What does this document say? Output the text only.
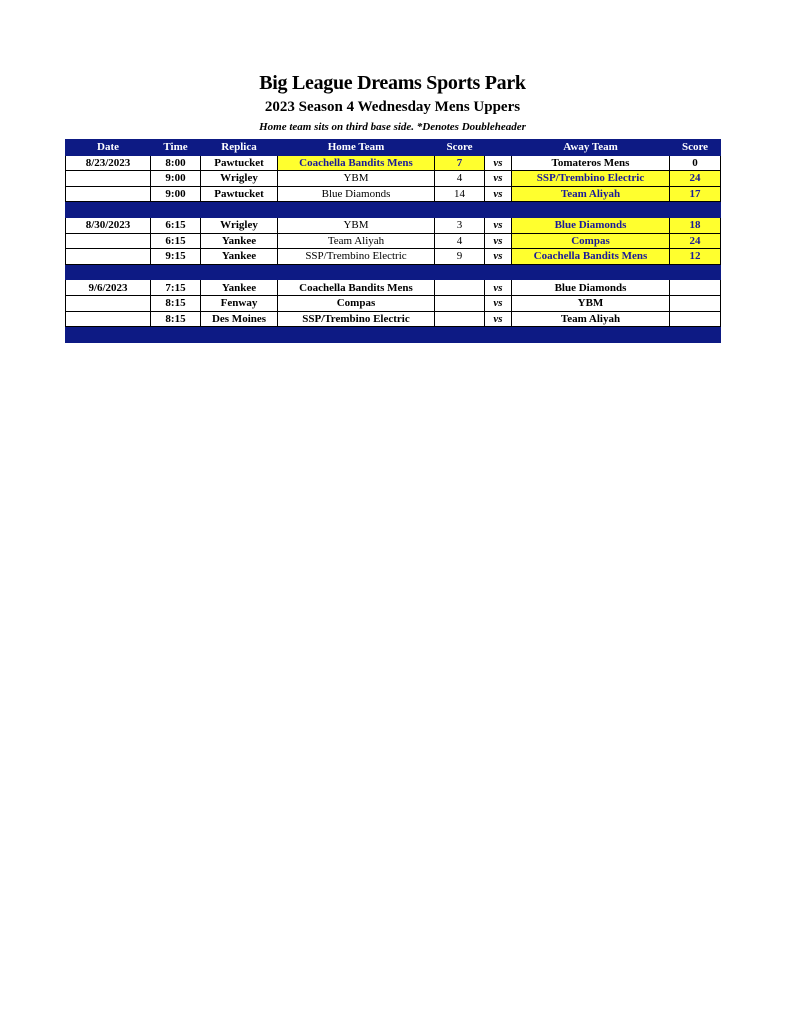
Big League Dreams Sports Park
2023 Season 4 Wednesday Mens Uppers
Home team sits on third base side. *Denotes Doubleheader
Date	Time	Replica	Home Team	Score		Away Team	Score
8/23/2023	8:00	Pawtucket	Coachella Bandits Mens	7	vs	Tomateros Mens	0
	9:00	Wrigley	YBM	4	vs	SSP/Trembino Electric	24
	9:00	Pawtucket	Blue Diamonds	14	vs	Team Aliyah	17

8/30/2023	6:15	Wrigley	YBM	3	vs	Blue Diamonds	18
	6:15	Yankee	Team Aliyah	4	vs	Compas	24
	9:15	Yankee	SSP/Trembino Electric	9	vs	Coachella Bandits Mens	12

9/6/2023	7:15	Yankee	Coachella Bandits Mens		vs	Blue Diamonds	
	8:15	Fenway	Compas		vs	YBM	
	8:15	Des Moines	SSP/Trembino Electric		vs	Team Aliyah	
